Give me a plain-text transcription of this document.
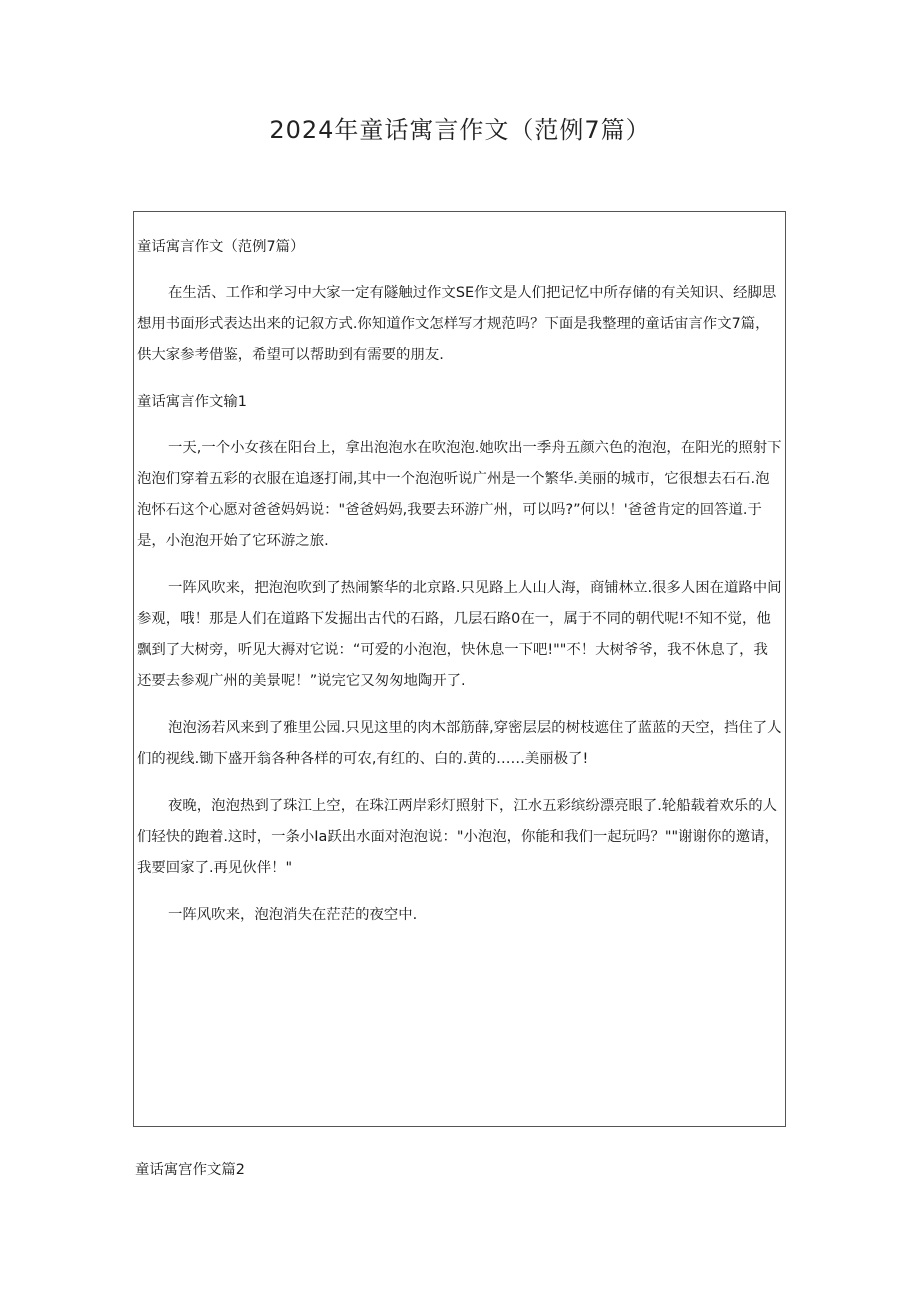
2024年童话寓言作文（范例7篇）
童话寓言作文（范例7篇）
在生活、工作和学习中大家一定有隧触过作文SE作文是人们把记忆中所存储的有关知识、经脚思
想用书面形式表达出来的记叙方式.你知道作文怎样写才规范吗？下面是我整理的童话宙言作文7篇，
供大家参考借鉴，希望可以帮助到有需要的朋友.
童话寓言作文输1
一天,一个小女孩在阳台上，拿出泡泡水在吹泡泡.她吹出一季舟五颜六色的泡泡，在阳光的照射下
泡泡们穿着五彩的衣服在追逐打闹,其中一个泡泡听说广州是一个繁华.美丽的城市，它很想去石石.泡
泡怀石这个心愿对爸爸妈妈说："爸爸妈妈,我要去环游广州，可以吗?”何以！'爸爸肯定的回答道.于
是，小泡泡开始了它环游之旅.
一阵风吹来，把泡泡吹到了热闹繁华的北京路.只见路上人山人海，商铺林立.很多人困在道路中间
参观，哦！那是人们在道路下发掘出古代的石路，几层石路0在一，属于不同的朝代呢!不知不觉，他
飘到了大树旁，听见大褥对它说：“可爱的小泡泡，快休息一下吧!""不！大树爷爷，我不休息了，我
还要去参观广州的美景呢！”说完它又匆匆地陶开了.
泡泡汤若风来到了雅里公园.只见这里的肉木部筋薛,穿密层层的树枝遮住了蓝蓝的天空，挡住了人
们的视线.锄下盛开翁各种各样的可农,有红的、白的.黄的……美丽极了!
夜晚，泡泡热到了珠江上空，在珠江两岸彩灯照射下，江水五彩缤纷漂亮眼了.轮船载着欢乐的人
们轻快的跑着.这时，一条小Ia跃出水面对泡泡说："小泡泡，你能和我们一起玩吗？""谢谢你的邀请，
我要回家了.再见伙伴！"
一阵风吹来，泡泡消失在茫茫的夜空中.
童话寓宫作文篇2
